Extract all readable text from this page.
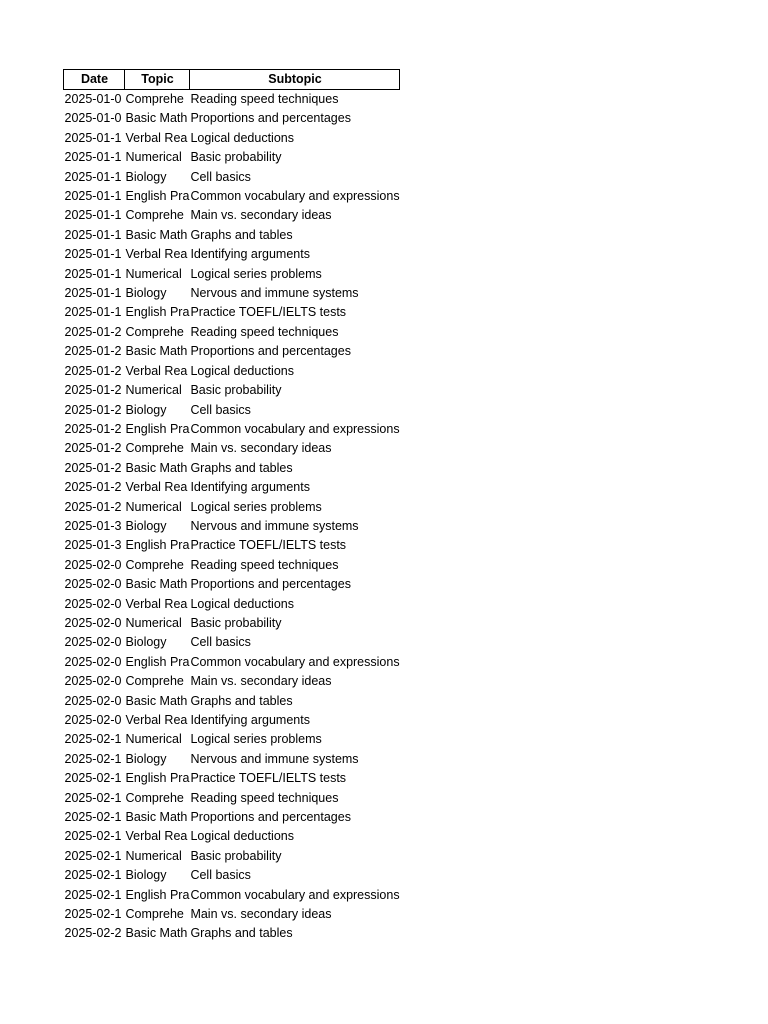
Date	Topic	Subtopic
2025-01-0	Comprehe	Reading speed techniques
2025-01-0	Basic Math	Proportions and percentages
2025-01-1	Verbal Rea	Logical deductions
2025-01-1	Numerical	Basic probability
2025-01-1	Biology	Cell basics
2025-01-1	English Pra	Common vocabulary and expressions
2025-01-1	Comprehe	Main vs. secondary ideas
2025-01-1	Basic Math	Graphs and tables
2025-01-1	Verbal Rea	Identifying arguments
2025-01-1	Numerical	Logical series problems
2025-01-1	Biology	Nervous and immune systems
2025-01-1	English Pra	Practice TOEFL/IELTS tests
2025-01-2	Comprehe	Reading speed techniques
2025-01-2	Basic Math	Proportions and percentages
2025-01-2	Verbal Rea	Logical deductions
2025-01-2	Numerical	Basic probability
2025-01-2	Biology	Cell basics
2025-01-2	English Pra	Common vocabulary and expressions
2025-01-2	Comprehe	Main vs. secondary ideas
2025-01-2	Basic Math	Graphs and tables
2025-01-2	Verbal Rea	Identifying arguments
2025-01-2	Numerical	Logical series problems
2025-01-3	Biology	Nervous and immune systems
2025-01-3	English Pra	Practice TOEFL/IELTS tests
2025-02-0	Comprehe	Reading speed techniques
2025-02-0	Basic Math	Proportions and percentages
2025-02-0	Verbal Rea	Logical deductions
2025-02-0	Numerical	Basic probability
2025-02-0	Biology	Cell basics
2025-02-0	English Pra	Common vocabulary and expressions
2025-02-0	Comprehe	Main vs. secondary ideas
2025-02-0	Basic Math	Graphs and tables
2025-02-0	Verbal Rea	Identifying arguments
2025-02-1	Numerical	Logical series problems
2025-02-1	Biology	Nervous and immune systems
2025-02-1	English Pra	Practice TOEFL/IELTS tests
2025-02-1	Comprehe	Reading speed techniques
2025-02-1	Basic Math	Proportions and percentages
2025-02-1	Verbal Rea	Logical deductions
2025-02-1	Numerical	Basic probability
2025-02-1	Biology	Cell basics
2025-02-1	English Pra	Common vocabulary and expressions
2025-02-1	Comprehe	Main vs. secondary ideas
2025-02-2	Basic Math	Graphs and tables
